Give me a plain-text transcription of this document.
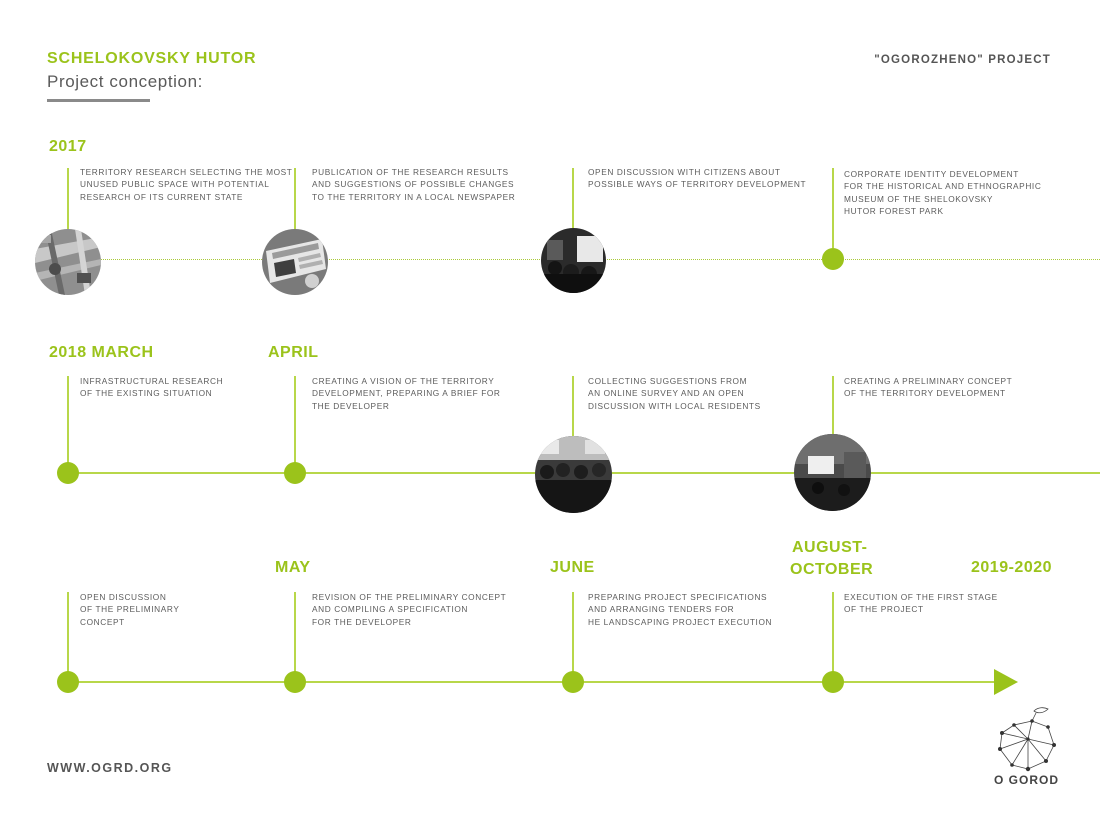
SCHELOKOVSKY HUTOR
Project conception:
"OGOROZHENO" PROJECT
2017
TERRITORY RESEARCH SELECTING THE MOST
UNUSED PUBLIC SPACE WITH POTENTIAL
RESEARCH OF ITS CURRENT STATE
PUBLICATION OF THE RESEARCH RESULTS
AND SUGGESTIONS OF POSSIBLE CHANGES
TO THE TERRITORY IN A LOCAL NEWSPAPER
OPEN DISCUSSION WITH CITIZENS ABOUT
POSSIBLE WAYS OF TERRITORY DEVELOPMENT
CORPORATE IDENTITY DEVELOPMENT
FOR THE HISTORICAL AND ETHNOGRAPHIC
MUSEUM OF THE SHELOKOVSKY
HUTOR FOREST PARK
2018 MARCH	APRIL
INFRASTRUCTURAL RESEARCH
OF THE EXISTING SITUATION
CREATING A VISION OF THE TERRITORY
DEVELOPMENT, PREPARING A BRIEF FOR
THE DEVELOPER
COLLECTING SUGGESTIONS FROM
AN ONLINE SURVEY AND AN OPEN
DISCUSSION WITH LOCAL RESIDENTS
CREATING A PRELIMINARY CONCEPT
OF THE TERRITORY DEVELOPMENT
MAY	JUNE
AUGUST-
OCTOBER	2019-2020
OPEN DISCUSSION
OF THE PRELIMINARY
CONCEPT
REVISION OF THE PRELIMINARY CONCEPT
AND COMPILING A SPECIFICATION
FOR THE DEVELOPER
PREPARING PROJECT SPECIFICATIONS
AND ARRANGING TENDERS FOR
HE LANDSCAPING PROJECT EXECUTION
EXECUTION OF THE FIRST STAGE
OF THE PROJECT
WWW.OGRD.ORG
O GOROD
